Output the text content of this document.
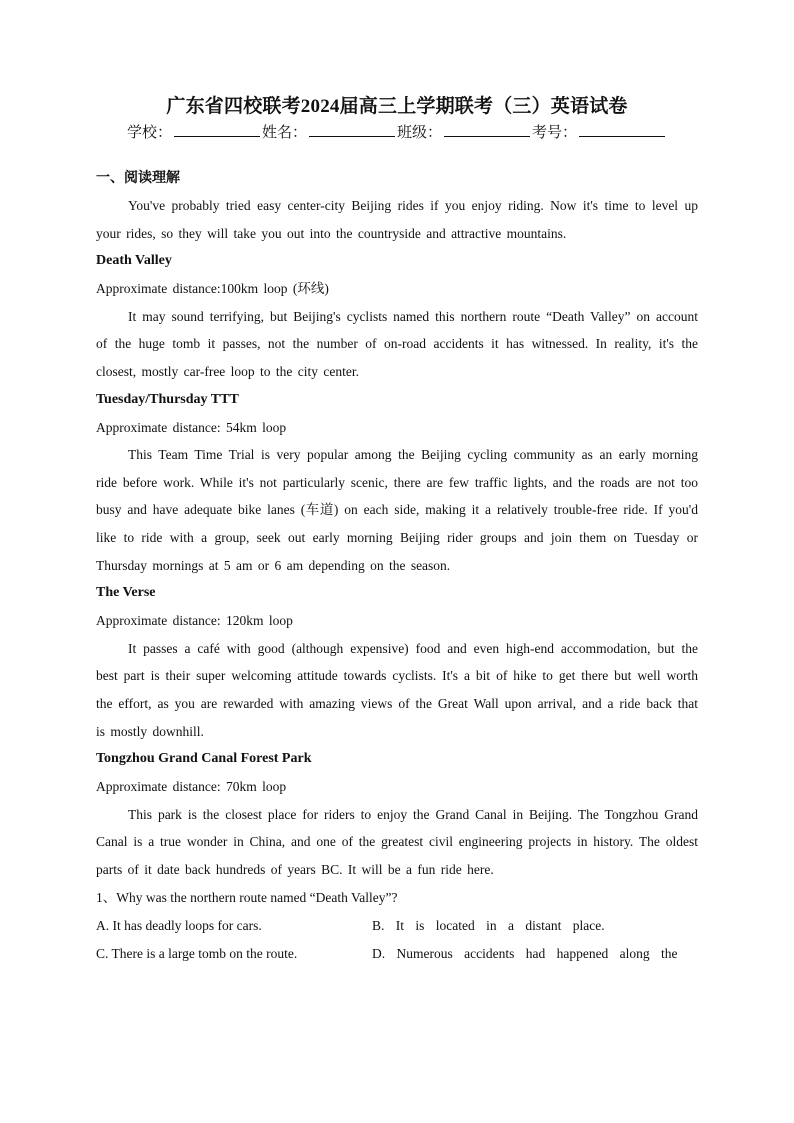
广东省四校联考2024届高三上学期联考（三）英语试卷
学校：	姓名：	班级：	考号：
一、阅读理解

You've probably tried easy center-city Beijing rides if you enjoy riding. Now it's time to level up your rides, so they will take you out into the countryside and attractive mountains.

Death Valley

Approximate distance:100km loop (环线)

It may sound terrifying, but Beijing's cyclists named this northern route “Death Valley” on account of the huge tomb it passes, not the number of on-road accidents it has witnessed. In reality, it's the closest, mostly car-free loop to the city center.

Tuesday/Thursday TTT

Approximate distance: 54km loop

This Team Time Trial is very popular among the Beijing cycling community as an early morning ride before work. While it's not particularly scenic, there are few traffic lights, and the roads are not too busy and have adequate bike lanes (车道) on each side, making it a relatively trouble-free ride. If you'd like to ride with a group, seek out early morning Beijing rider groups and join them on Tuesday or Thursday mornings at 5 am or 6 am depending on the season.

The Verse

Approximate distance: 120km loop

It passes a café with good (although expensive) food and even high-end accommodation, but the best part is their super welcoming attitude towards cyclists. It's a bit of hike to get there but well worth the effort, as you are rewarded with amazing views of the Great Wall upon arrival, and a ride back that is mostly downhill.

Tongzhou Grand Canal Forest Park

Approximate distance: 70km loop

This park is the closest place for riders to enjoy the Grand Canal in Beijing. The Tongzhou Grand Canal is a true wonder in China, and one of the greatest civil engineering projects in history. The oldest parts of it date back hundreds of years BC. It will be a fun ride here.

1、Why was the northern route named “Death Valley”?
A. It has deadly loops for cars.	B. It is located in a distant place.
C. There is a large tomb on the route.	D. Numerous accidents had happened along the
